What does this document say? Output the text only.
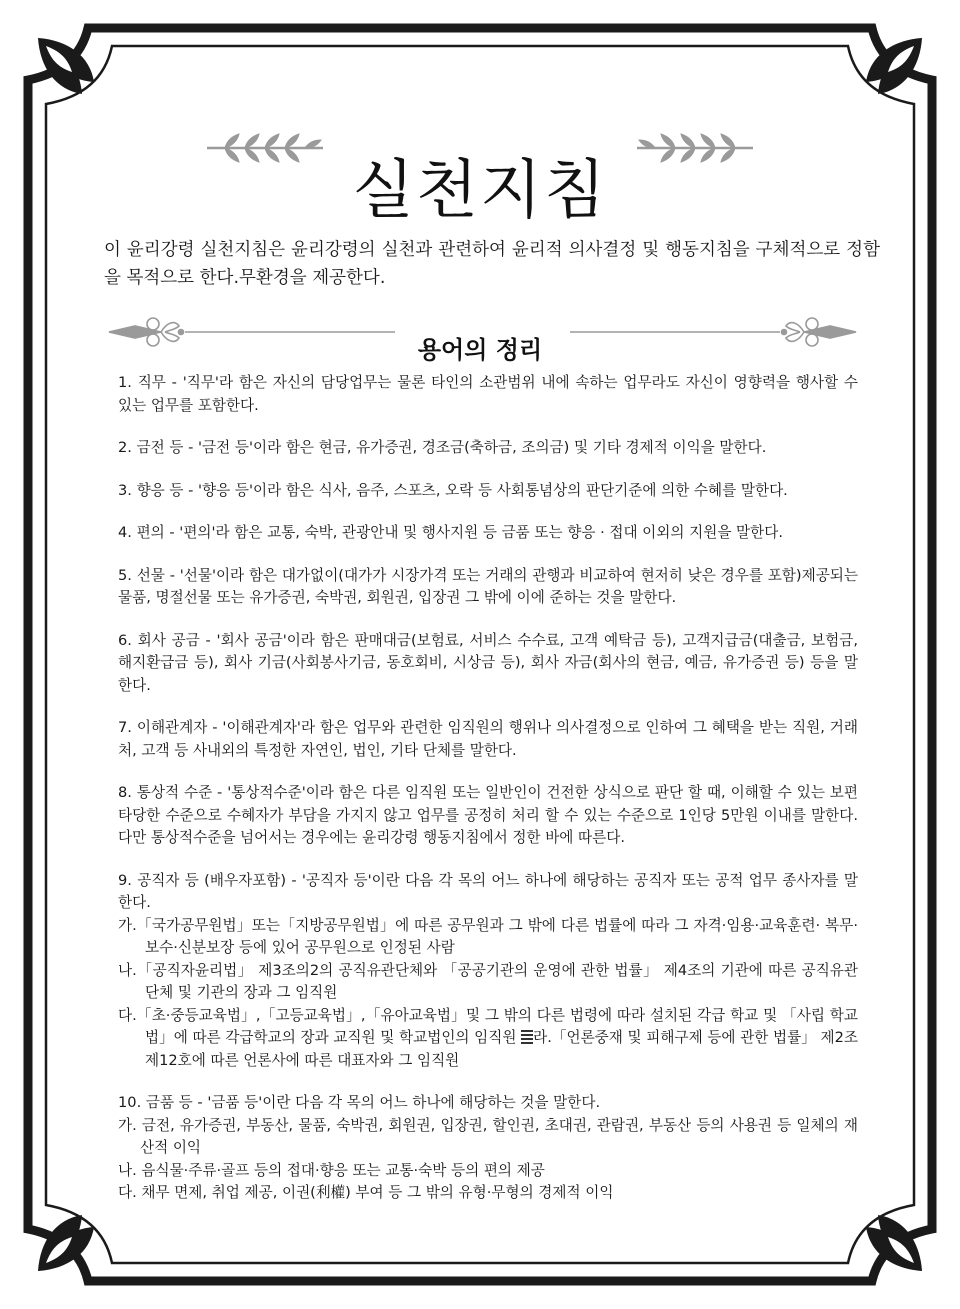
실천지침

이 윤리강령 실천지침은 윤리강령의 실천과 관련하여 윤리적 의사결정 및 행동지침을 구체적으로 정함을 목적으로 한다.무환경을 제공한다.

용어의 정리

1. 직무 - '직무'라 함은 자신의 담당업무는 물론 타인의 소관범위 내에 속하는 업무라도 자신이 영향력을 행사할 수 있는 업무를 포함한다.

2. 금전 등 - '금전 등'이라 함은 현금, 유가증권, 경조금(축하금, 조의금) 및 기타 경제적 이익을 말한다.

3. 향응 등 - '향응 등'이라 함은 식사, 음주, 스포츠, 오락 등 사회통념상의 판단기준에 의한 수혜를 말한다.

4. 편의 - '편의'라 함은 교통, 숙박, 관광안내 및 행사지원 등 금품 또는 향응 · 접대 이외의 지원을 말한다.

5. 선물 - '선물'이라 함은 대가없이(대가가 시장가격 또는 거래의 관행과 비교하여 현저히 낮은 경우를 포함)제공되는 물품, 명절선물 또는 유가증권, 숙박권, 회원권, 입장권 그 밖에 이에 준하는 것을 말한다.

6. 회사 공금 - '회사 공금'이라 함은 판매대금(보험료, 서비스 수수료, 고객 예탁금 등), 고객지급금(대출금, 보험금, 해지환급금 등), 회사 기금(사회봉사기금, 동호회비, 시상금 등), 회사 자금(회사의 현금, 예금, 유가증권 등) 등을 말한다.

7. 이해관계자 - '이해관계자'라 함은 업무와 관련한 임직원의 행위나 의사결정으로 인하여 그 혜택을 받는 직원, 거래처, 고객 등 사내외의 특정한 자연인, 법인, 기타 단체를 말한다.

8. 통상적 수준 - '통상적수준'이라 함은 다른 임직원 또는 일반인이 건전한 상식으로 판단 할 때, 이해할 수 있는 보편 타당한 수준으로 수혜자가 부담을 가지지 않고 업무를 공정히 처리 할 수 있는 수준으로 1인당 5만원 이내를 말한다. 다만 통상적수준을 넘어서는 경우에는 윤리강령 행동지침에서 정한 바에 따른다.

9. 공직자 등 (배우자포함) - '공직자 등'이란 다음 각 목의 어느 하나에 해당하는 공직자 또는 공적 업무 종사자를 말한다.

가.「국가공무원법」또는「지방공무원법」에 따른 공무원과 그 밖에 다른 법률에 따라 그 자격·임용·교육훈련· 복무·보수·신분보장 등에 있어 공무원으로 인정된 사람

나.「공직자윤리법」 제3조의2의 공직유관단체와 「공공기관의 운영에 관한 법률」 제4조의 기관에 따른 공직유관단체 및 기관의 장과 그 임직원

다.「초·중등교육법」,「고등교육법」,「유아교육법」및 그 밖의 다른 법령에 따라 설치된 각급 학교 및 「사립 학교법」에 따른 각급학교의 장과 교직원 및 학교법인의 임직원 라.「언론중재 및 피해구제 등에 관한 법률」 제2조제12호에 따른 언론사에 따른 대표자와 그 임직원

10. 금품 등 - '금품 등'이란 다음 각 목의 어느 하나에 해당하는 것을 말한다.

가. 금전, 유가증권, 부동산, 물품, 숙박권, 회원권, 입장권, 할인권, 초대권, 관람권, 부동산 등의 사용권 등 일체의 재산적 이익

나. 음식물·주류·골프 등의 접대·향응 또는 교통·숙박 등의 편의 제공

다. 채무 면제, 취업 제공, 이권(利權) 부여 등 그 밖의 유형·무형의 경제적 이익
